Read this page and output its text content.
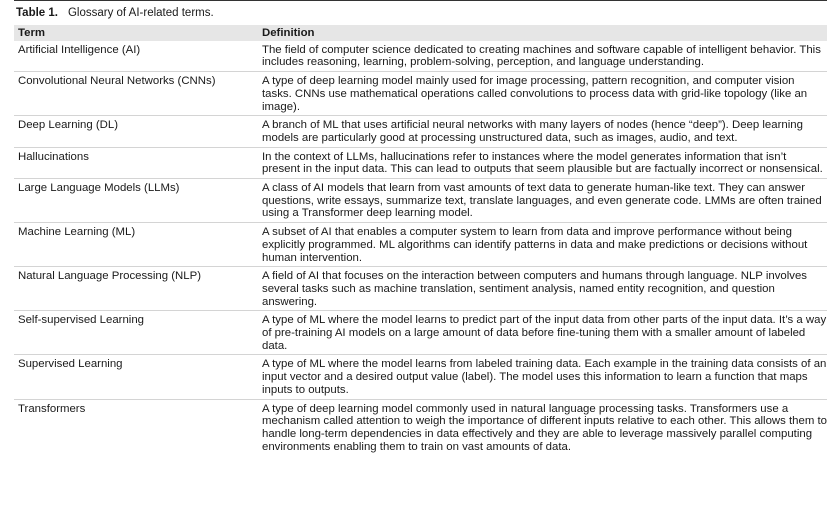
Table 1. Glossary of AI-related terms.
Term	Definition
Artificial Intelligence (AI)	The field of computer science dedicated to creating machines and software capable of intelligent behavior. This includes reasoning, learning, problem-solving, perception, and language understanding.
Convolutional Neural Networks (CNNs)	A type of deep learning model mainly used for image processing, pattern recognition, and computer vision tasks. CNNs use mathematical operations called convolutions to process data with grid-like topology (like an image).
Deep Learning (DL)	A branch of ML that uses artificial neural networks with many layers of nodes (hence “deep”). Deep learning models are particularly good at processing unstructured data, such as images, audio, and text.
Hallucinations	In the context of LLMs, hallucinations refer to instances where the model generates information that isn’t present in the input data. This can lead to outputs that seem plausible but are factually incorrect or nonsensical.
Large Language Models (LLMs)	A class of AI models that learn from vast amounts of text data to generate human-like text. They can answer questions, write essays, summarize text, translate languages, and even generate code. LMMs are often trained using a Transformer deep learning model.
Machine Learning (ML)	A subset of AI that enables a computer system to learn from data and improve performance without being explicitly programmed. ML algorithms can identify patterns in data and make predictions or decisions without human intervention.
Natural Language Processing (NLP)	A field of AI that focuses on the interaction between computers and humans through language. NLP involves several tasks such as machine translation, sentiment analysis, named entity recognition, and question answering.
Self-supervised Learning	A type of ML where the model learns to predict part of the input data from other parts of the input data. It’s a way of pre-training AI models on a large amount of data before fine-tuning them with a smaller amount of labeled data.
Supervised Learning	A type of ML where the model learns from labeled training data. Each example in the training data consists of an input vector and a desired output value (label). The model uses this information to learn a function that maps inputs to outputs.
Transformers	A type of deep learning model commonly used in natural language processing tasks. Transformers use a mechanism called attention to weigh the importance of different inputs relative to each other. This allows them to handle long-term dependencies in data effectively and they are able to leverage massively parallel computing environments enabling them to train on vast amounts of data.
